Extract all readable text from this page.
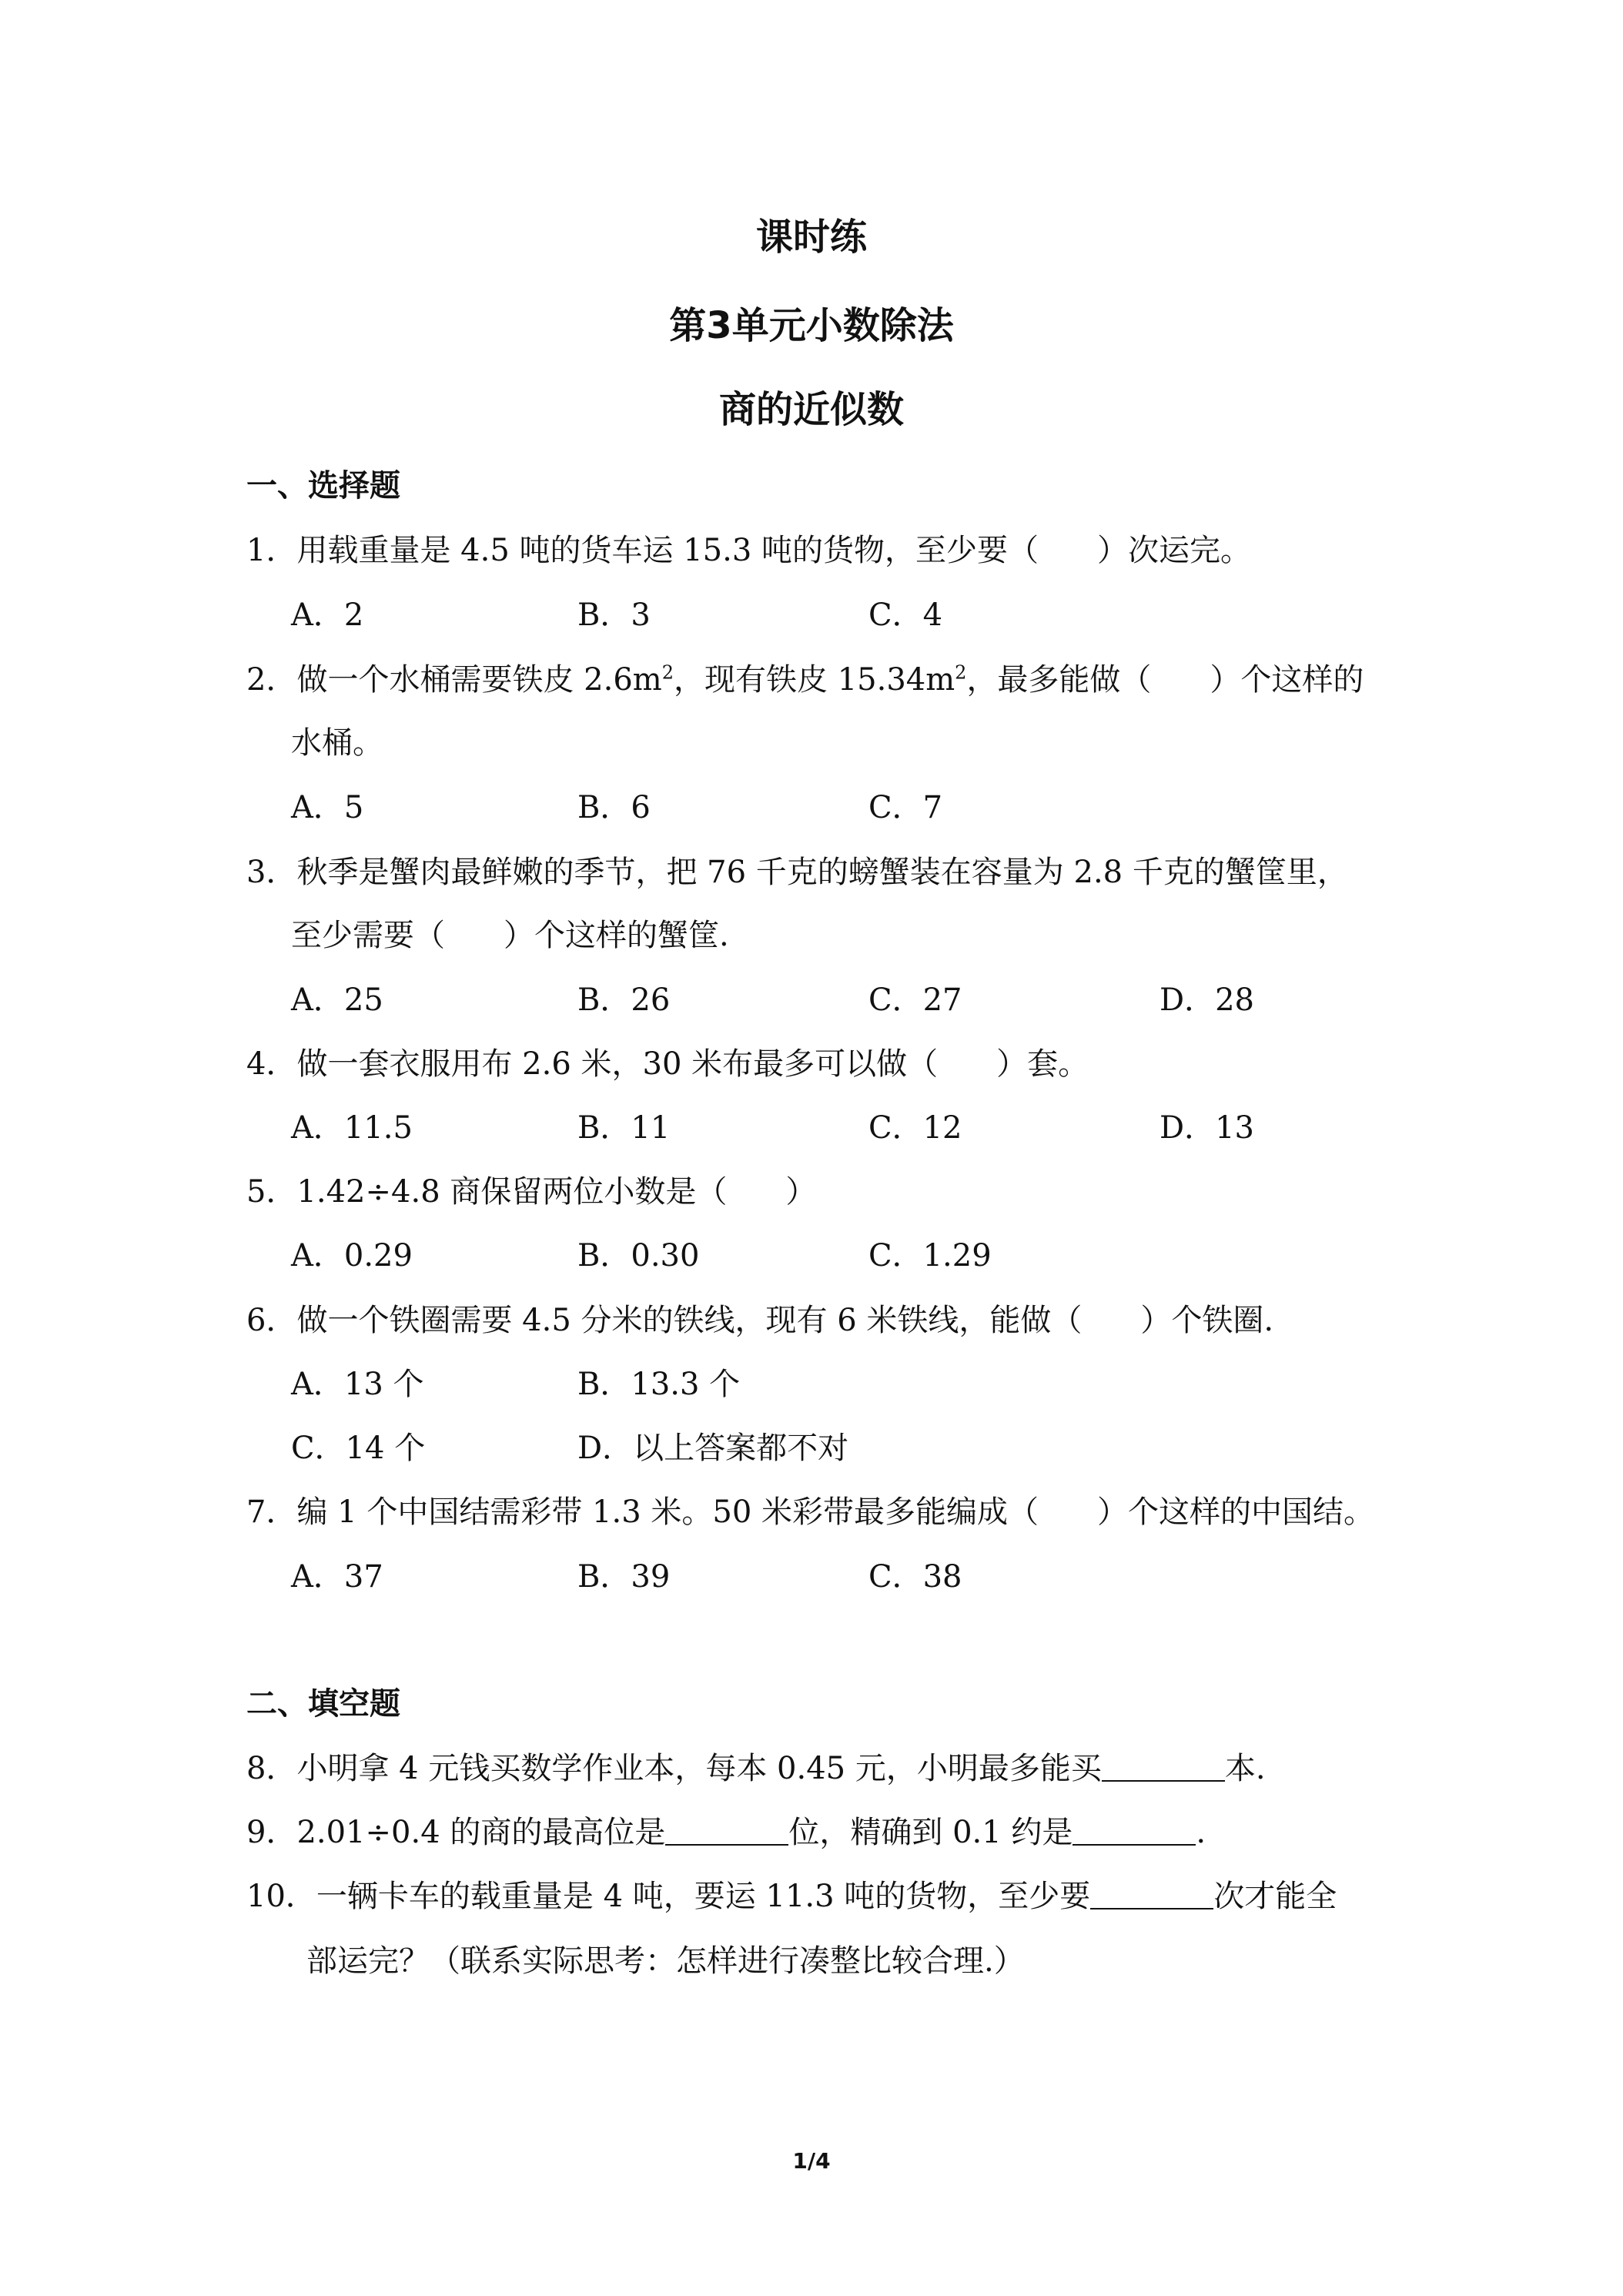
课时练
第3单元小数除法
商的近似数
一、选择题
1．用载重量是 4.5 吨的货车运 15.3 吨的货物，至少要（ ）次运完。
A．2	B．3	C．4
2．做一个水桶需要铁皮 $2.6m^2$，现有铁皮 $15.34m^2$，最多能做（ ）个这样的
水桶。
A．5	B．6	C．7
3．秋季是蟹肉最鲜嫩的季节，把 76 千克的螃蟹装在容量为 2.8 千克的蟹筐里，
至少需要（ ）个这样的蟹筐.
A．25	B．26	C．27	D．28
4．做一套衣服用布 2.6 米，30 米布最多可以做（ ）套。
A．11.5	B．11	C．12	D．13
5．1.42÷4.8 商保留两位小数是（ ）
A．0.29	B．0.30	C．1.29
6．做一个铁圈需要 4.5 分米的铁线，现有 6 米铁线，能做（ ）个铁圈.
A．13 个	B．13.3 个
C．14 个	D．以上答案都不对
7．编 1 个中国结需彩带 1.3 米。50 米彩带最多能编成（ ）个这样的中国结。
A．37	B．39	C．38
二、填空题
8．小明拿 4 元钱买数学作业本，每本 0.45 元，小明最多能买	本.
9．2.01÷0.4 的商的最高位是	位，精确到 0.1 约是	.
10．一辆卡车的载重量是 4 吨，要运 11.3 吨的货物，至少要	次才能全
部运完？（联系实际思考：怎样进行凑整比较合理.）
1/4
